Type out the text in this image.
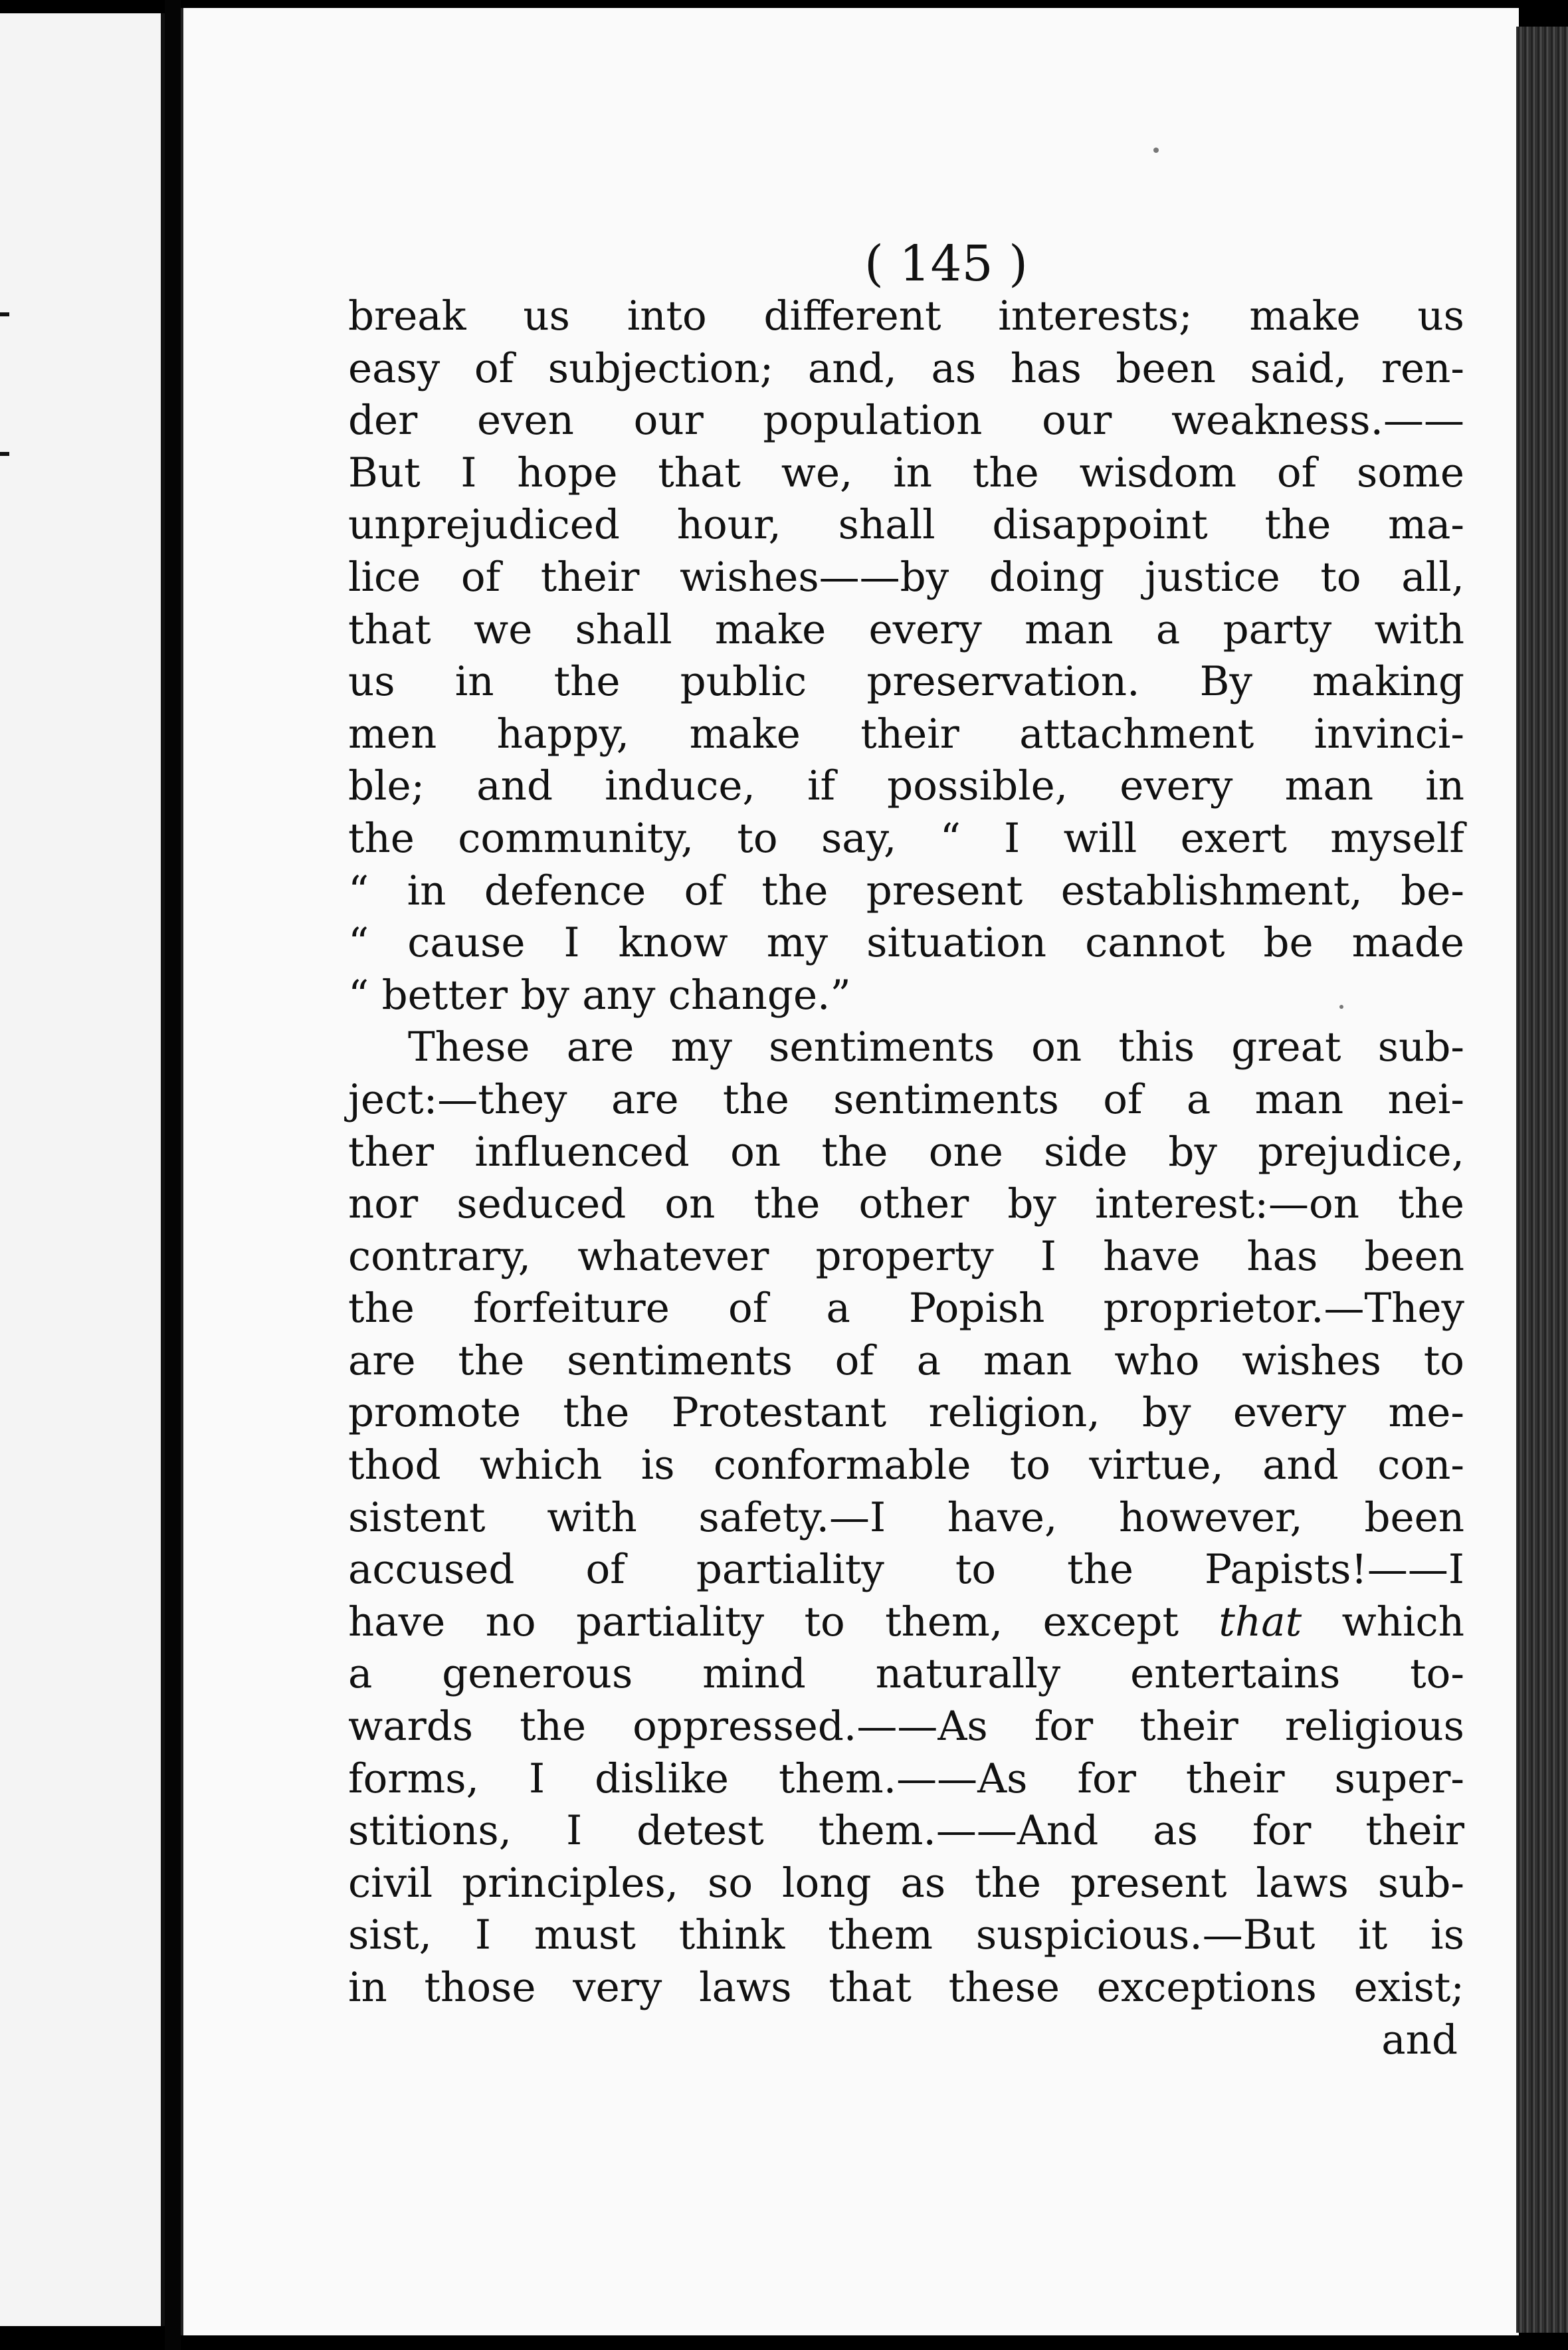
( 145 )
break us into different interests; make us
easy of subjection; and, as has been said, ren-
der even our population our weakness.——
But I hope that we, in the wisdom of some
unprejudiced hour, shall disappoint the ma-
lice of their wishes——by doing justice to all,
that we shall make every man a party with
us in the public preservation. By making
men happy, make their attachment invinci-
ble; and induce, if possible, every man in
the community, to say, “ I will exert myself
“ in defence of the present establishment, be-
“ cause I know my situation cannot be made
“ better by any change.”
These are my sentiments on this great sub-
ject:—they are the sentiments of a man nei-
ther influenced on the one side by prejudice,
nor seduced on the other by interest:—on the
contrary, whatever property I have has been
the forfeiture of a Popish proprietor.—They
are the sentiments of a man who wishes to
promote the Protestant religion, by every me-
thod which is conformable to virtue, and con-
sistent with safety.—I have, however, been
accused of partiality to the Papists!——I
have no partiality to them, except that which
a generous mind naturally entertains to-
wards the oppressed.——As for their religious
forms, I dislike them.——As for their super-
stitions, I detest them.——And as for their
civil principles, so long as the present laws sub-
sist, I must think them suspicious.—But it is
in those very laws that these exceptions exist;
and
